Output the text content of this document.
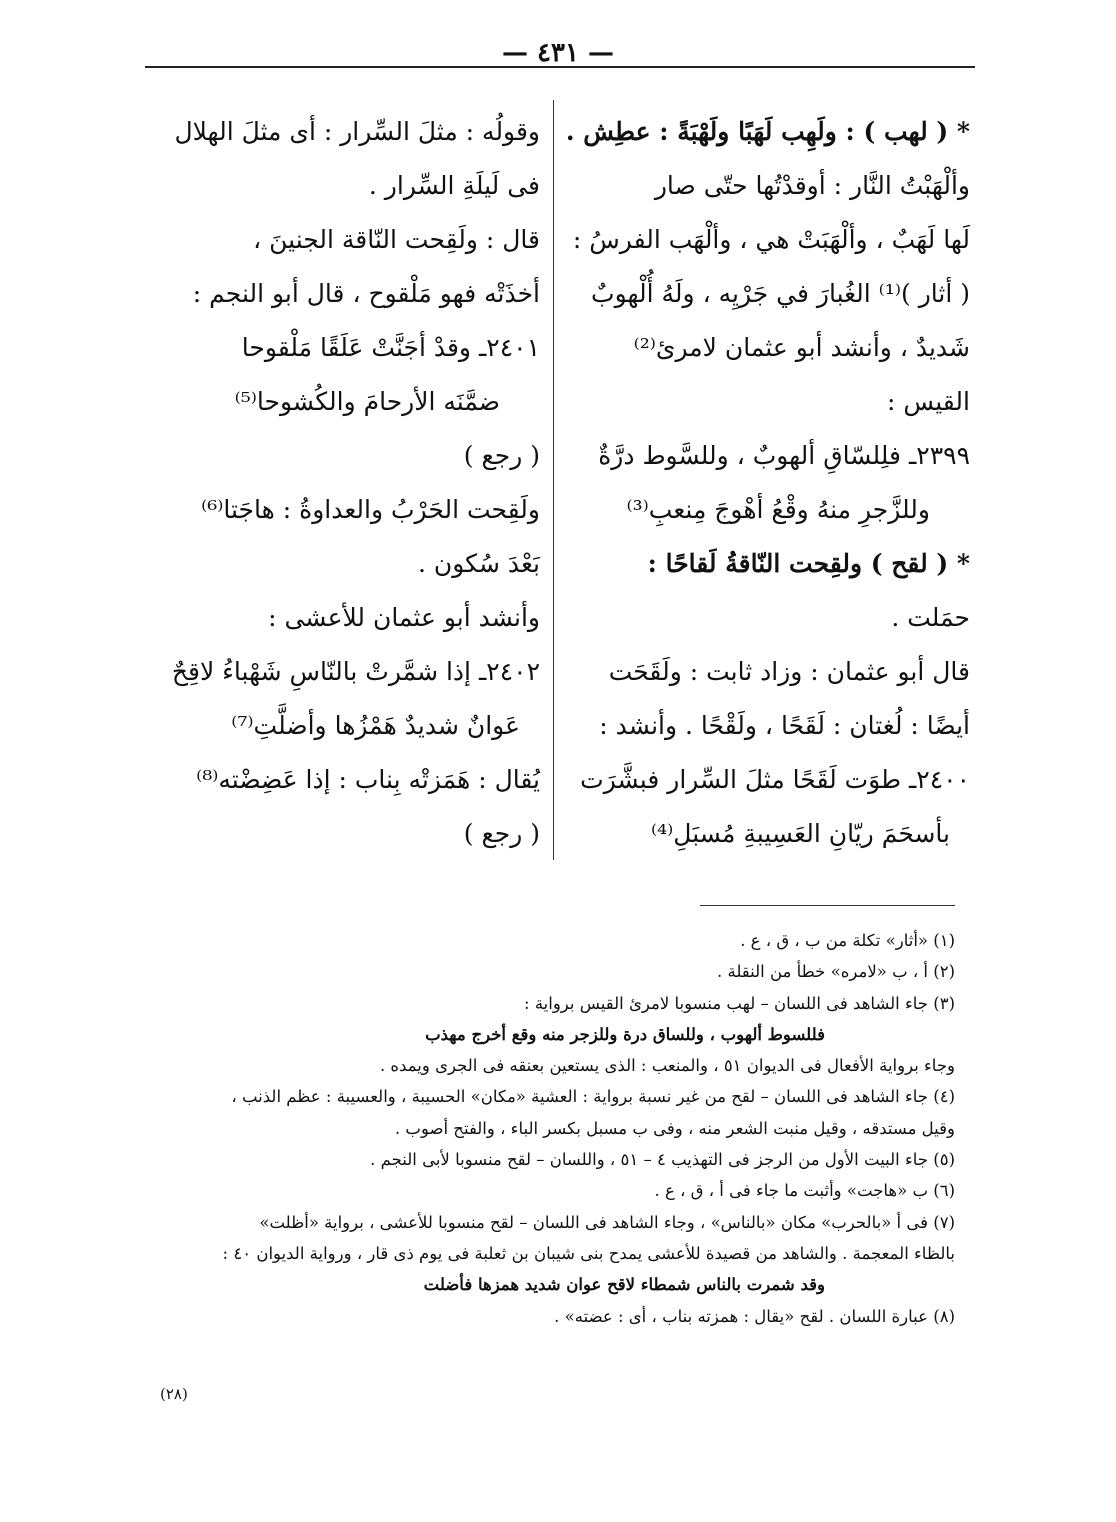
— ٤٣١ —
* ( لهب ) : ولَهِب لَهَبًا ولَهْبَةً : عطِش .
وألْهَبْتُ النَّار : أوقدْتُها حتّى صار
لَها لَهَبٌ ، وألْهَبَتْ هي ، وألْهَب الفرسُ :
( أثار )⁽¹⁾ الغُبارَ في جَرْيِه ، ولَهُ أُلْهوبٌ
شَديدٌ ، وأنشد أبو عثمان لامرئ⁽²⁾
القيس :
٢٣٩٩ـ فلِلسّاقِ ألهوبٌ ، وللسَّوط درَّةٌ
وللزَّجرِ منهُ وقْعُ أهْوجَ مِنعبِ⁽³⁾
* ( لقح ) ولقِحت النّاقةُ لَقاحًا :
حمَلت .
قال أبو عثمان : وزاد ثابت : ولَقَحَت
أيضًا : لُغتان : لَقَحًا ، ولَقْحًا . وأنشد :
٢٤٠٠ـ طوَت لَقَحًا مثلَ السِّرار فبشَّرَت
بأسحَمَ ريّانِ العَسِيبةِ مُسبَلِ⁽⁴⁾
وقولُه : مثلَ السِّرار : أى مثلَ الهلال
فى لَيلَةِ السِّرار .
قال : ولَقِحت النّاقة الجنينَ ،
أخذَتْه فهو مَلْقوح ، قال أبو النجم :
٢٤٠١ـ وقدْ أجَنَّتْ عَلَقًا مَلْقوحا
ضمَّنَه الأرحامَ والكُشوحا⁽⁵⁾
( رجع )
ولَقِحت الحَرْبُ والعداوةُ : هاجَتا⁽⁶⁾
بَعْدَ سُكون .
وأنشد أبو عثمان للأعشى :
٢٤٠٢ـ إذا شمَّرتْ بالنّاسِ شَهْباءُ لاقِحٌ
عَوانٌ شديدٌ هَمْزُها وأضلَّتِ⁽⁷⁾
يُقال : هَمَزتْه بِناب : إذا عَضِضْته⁽⁸⁾
( رجع )
(١) «أثار» تكلة من ب ، ق ، ع .
(٢) أ ، ب «لامره» خطأ من النقلة .
(٣) جاء الشاهد فى اللسان – لهب منسوبا لامرئ القيس برواية :
فللسوط ألهوب ، وللساق درة وللزجر منه وقع أخرج مهذب
وجاء برواية الأفعال فى الديوان ٥١ ، والمنعب : الذى يستعين بعنقه فى الجرى ويمده .
(٤) جاء الشاهد فى اللسان – لقح من غير نسبة برواية : العشية «مكان» الحسيبة ، والعسيبة : عظم الذنب ،
وقيل مستدقه ، وقيل منبت الشعر منه ، وفى ب مسبل بكسر الباء ، والفتح أصوب .
(٥) جاء البيت الأول من الرجز فى التهذيب ٤ – ٥١ ، واللسان – لقح منسوبا لأبى النجم .
(٦) ب «هاجت» وأثبت ما جاء فى أ ، ق ، ع .
(٧) فى أ «بالحرب» مكان «بالناس» ، وجاء الشاهد فى اللسان – لقح منسوبا للأعشى ، برواية «أظلت»
بالظاء المعجمة . والشاهد من قصيدة للأعشى يمدح بنى شيبان بن ثعلبة فى يوم ذى قار ، ورواية الديوان ٤٠ :
وقد شمرت بالناس شمطاء لاقح عوان شديد همزها فأضلت
(٨) عبارة اللسان . لقح «يقال : همزته بناب ، أى : عضته» .
(٢٨)
